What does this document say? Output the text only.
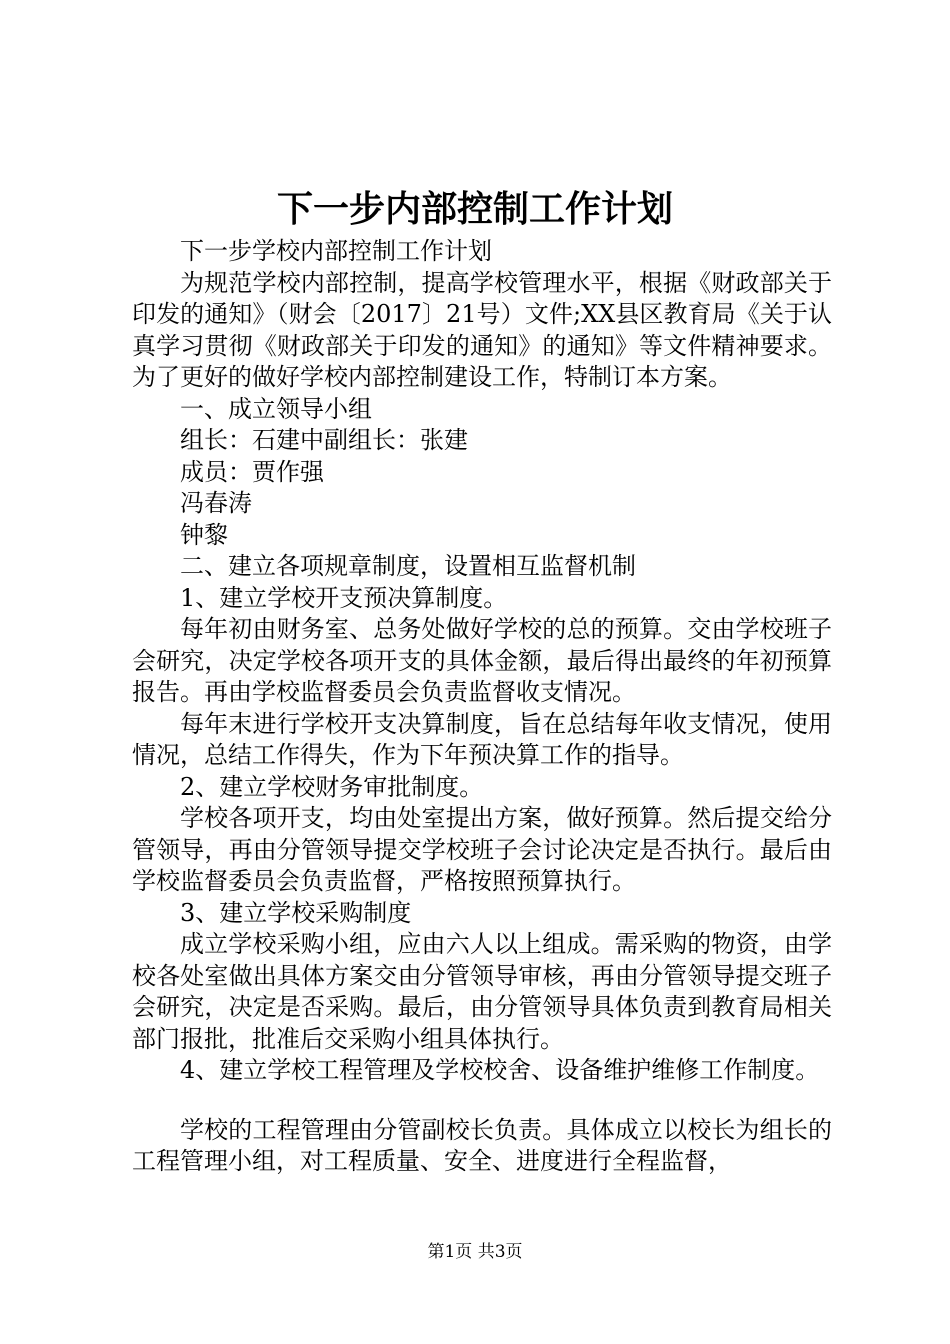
下一步内部控制工作计划

下一步学校内部控制工作计划

为规范学校内部控制，提高学校管理水平，根据《财政部关于印发的通知》（财会〔2017〕21号）文件;XX县区教育局《关于认真学习贯彻《财政部关于印发的通知》的通知》等文件精神要求。为了更好的做好学校内部控制建设工作，特制订本方案。

一、成立领导小组

组长：石建中副组长：张建

成员：贾作强

冯春涛

钟黎

二、建立各项规章制度，设置相互监督机制

1、建立学校开支预决算制度。

每年初由财务室、总务处做好学校的总的预算。交由学校班子会研究，决定学校各项开支的具体金额，最后得出最终的年初预算报告。再由学校监督委员会负责监督收支情况。

每年末进行学校开支决算制度，旨在总结每年收支情况，使用情况，总结工作得失，作为下年预决算工作的指导。

2、建立学校财务审批制度。

学校各项开支，均由处室提出方案，做好预算。然后提交给分管领导，再由分管领导提交学校班子会讨论决定是否执行。最后由学校监督委员会负责监督，严格按照预算执行。

3、建立学校采购制度

成立学校采购小组，应由六人以上组成。需采购的物资，由学校各处室做出具体方案交由分管领导审核，再由分管领导提交班子会研究，决定是否采购。最后，由分管领导具体负责到教育局相关部门报批，批准后交采购小组具体执行。

4、建立学校工程管理及学校校舍、设备维护维修工作制度。

学校的工程管理由分管副校长负责。具体成立以校长为组长的工程管理小组，对工程质量、安全、进度进行全程监督，

第1页 共3页
